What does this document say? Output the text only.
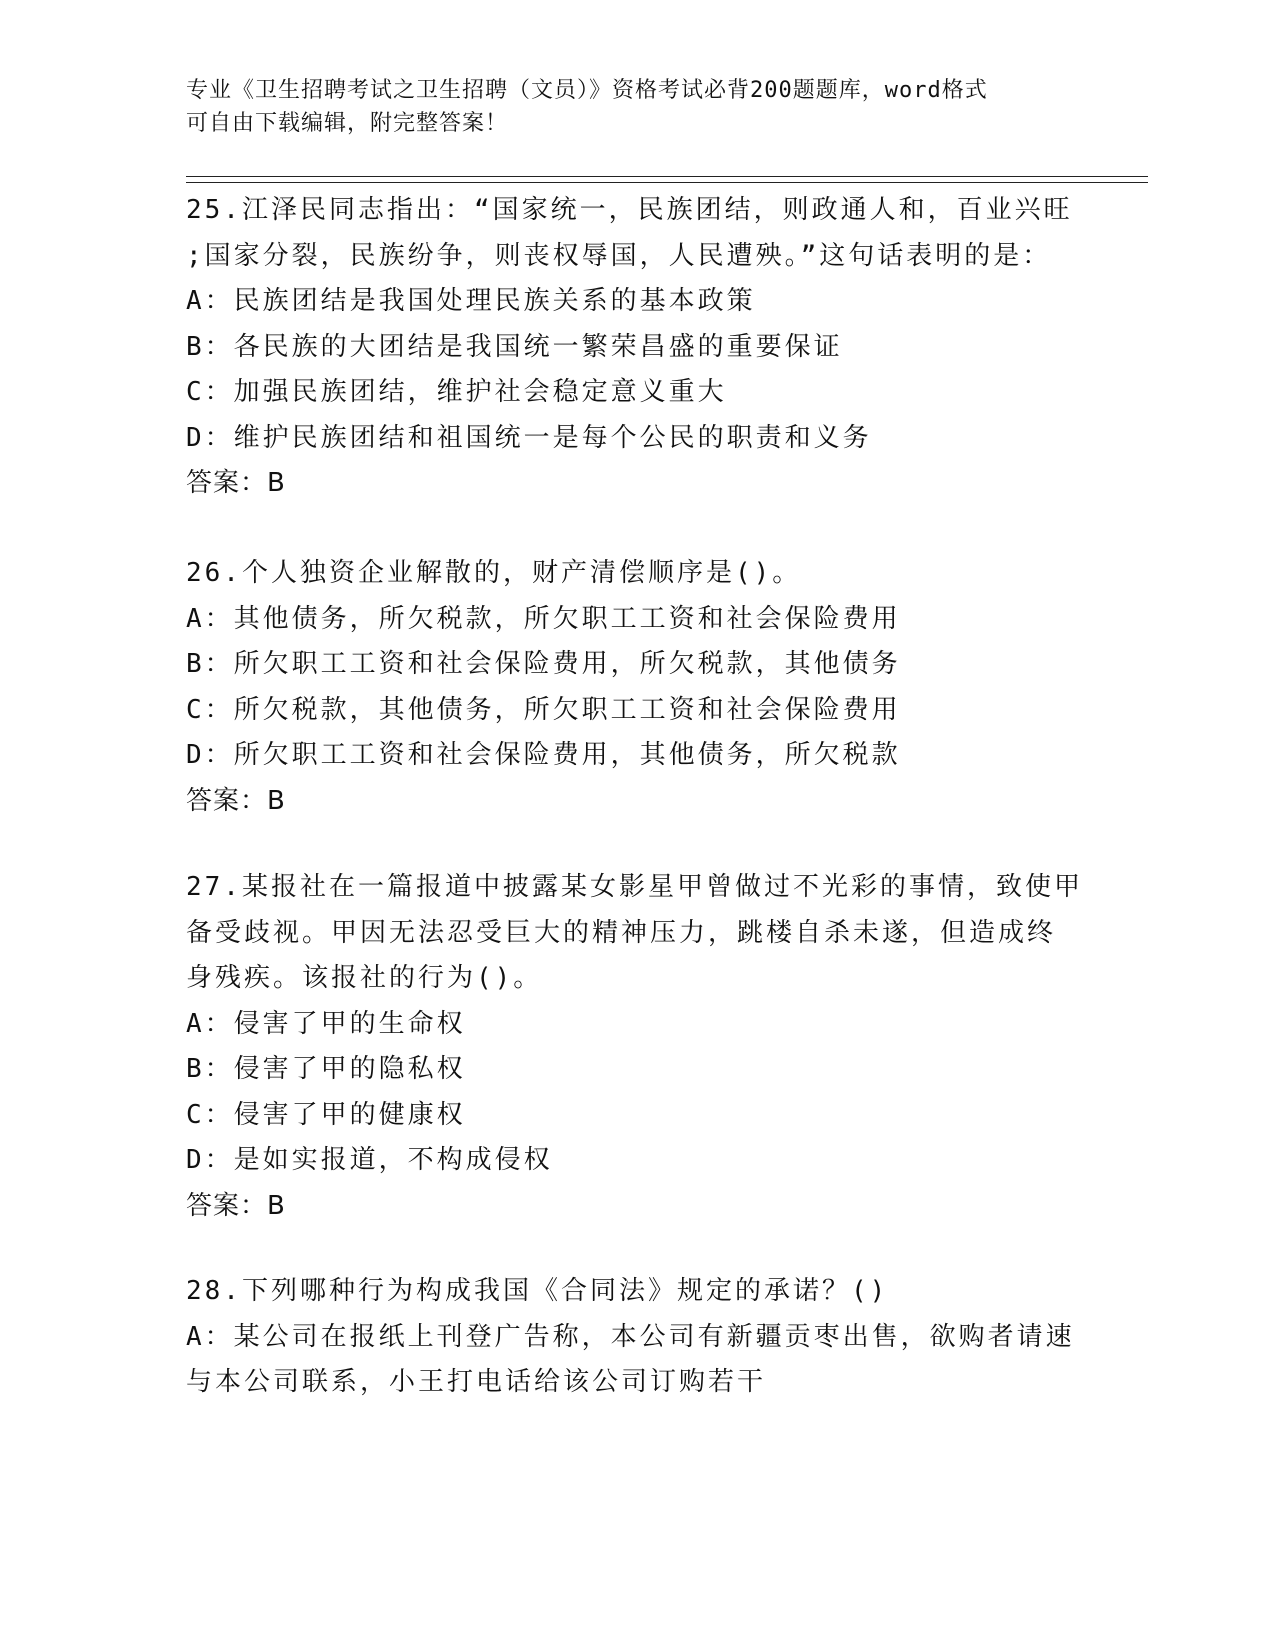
专业《卫生招聘考试之卫生招聘（文员）》资格考试必背200题题库，word格式
可自由下载编辑，附完整答案！
25.江泽民同志指出：“国家统一，民族团结，则政通人和，百业兴旺
;国家分裂，民族纷争，则丧权辱国，人民遭殃。”这句话表明的是：
A：民族团结是我国处理民族关系的基本政策
B：各民族的大团结是我国统一繁荣昌盛的重要保证
C：加强民族团结，维护社会稳定意义重大
D：维护民族团结和祖国统一是每个公民的职责和义务
答案：B
26.个人独资企业解散的，财产清偿顺序是()。
A：其他债务，所欠税款，所欠职工工资和社会保险费用
B：所欠职工工资和社会保险费用，所欠税款，其他债务
C：所欠税款，其他债务，所欠职工工资和社会保险费用
D：所欠职工工资和社会保险费用，其他债务，所欠税款
答案：B
27.某报社在一篇报道中披露某女影星甲曾做过不光彩的事情，致使甲
备受歧视。甲因无法忍受巨大的精神压力，跳楼自杀未遂，但造成终
身残疾。该报社的行为()。
A：侵害了甲的生命权
B：侵害了甲的隐私权
C：侵害了甲的健康权
D：是如实报道，不构成侵权
答案：B
28.下列哪种行为构成我国《合同法》规定的承诺？()
A：某公司在报纸上刊登广告称，本公司有新疆贡枣出售，欲购者请速
与本公司联系，小王打电话给该公司订购若干
